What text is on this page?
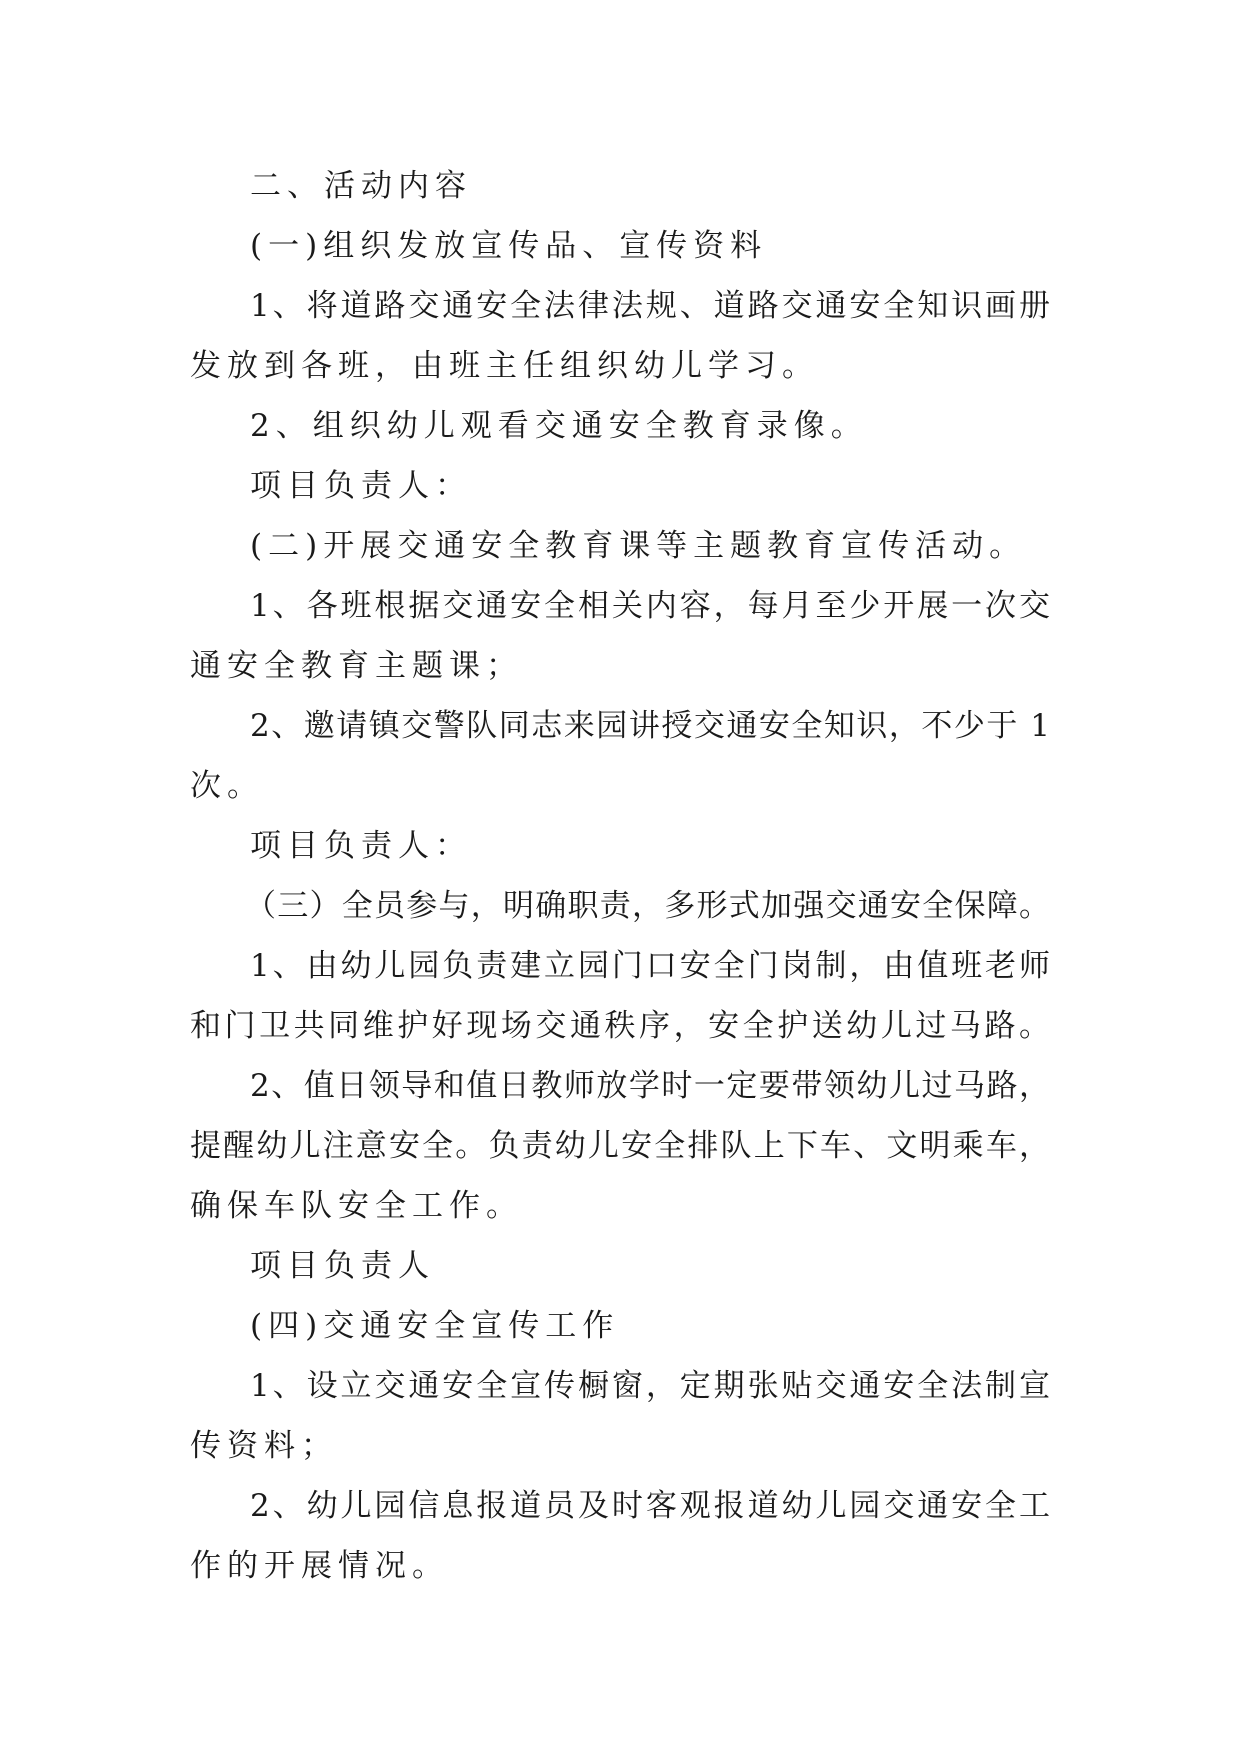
二、活动内容
(一)组织发放宣传品、宣传资料
1、将道路交通安全法律法规、道路交通安全知识画册
发放到各班，由班主任组织幼儿学习。
2、组织幼儿观看交通安全教育录像。
项目负责人：
(二)开展交通安全教育课等主题教育宣传活动。
1、各班根据交通安全相关内容，每月至少开展一次交
通安全教育主题课；
2、邀请镇交警队同志来园讲授交通安全知识，不少于 1
次。
项目负责人：
（三）全员参与，明确职责，多形式加强交通安全保障。
1、由幼儿园负责建立园门口安全门岗制，由值班老师
和门卫共同维护好现场交通秩序，安全护送幼儿过马路。
2、值日领导和值日教师放学时一定要带领幼儿过马路，
提醒幼儿注意安全。负责幼儿安全排队上下车、文明乘车，
确保车队安全工作。
项目负责人
(四)交通安全宣传工作
1、设立交通安全宣传橱窗，定期张贴交通安全法制宣
传资料；
2、幼儿园信息报道员及时客观报道幼儿园交通安全工
作的开展情况。
